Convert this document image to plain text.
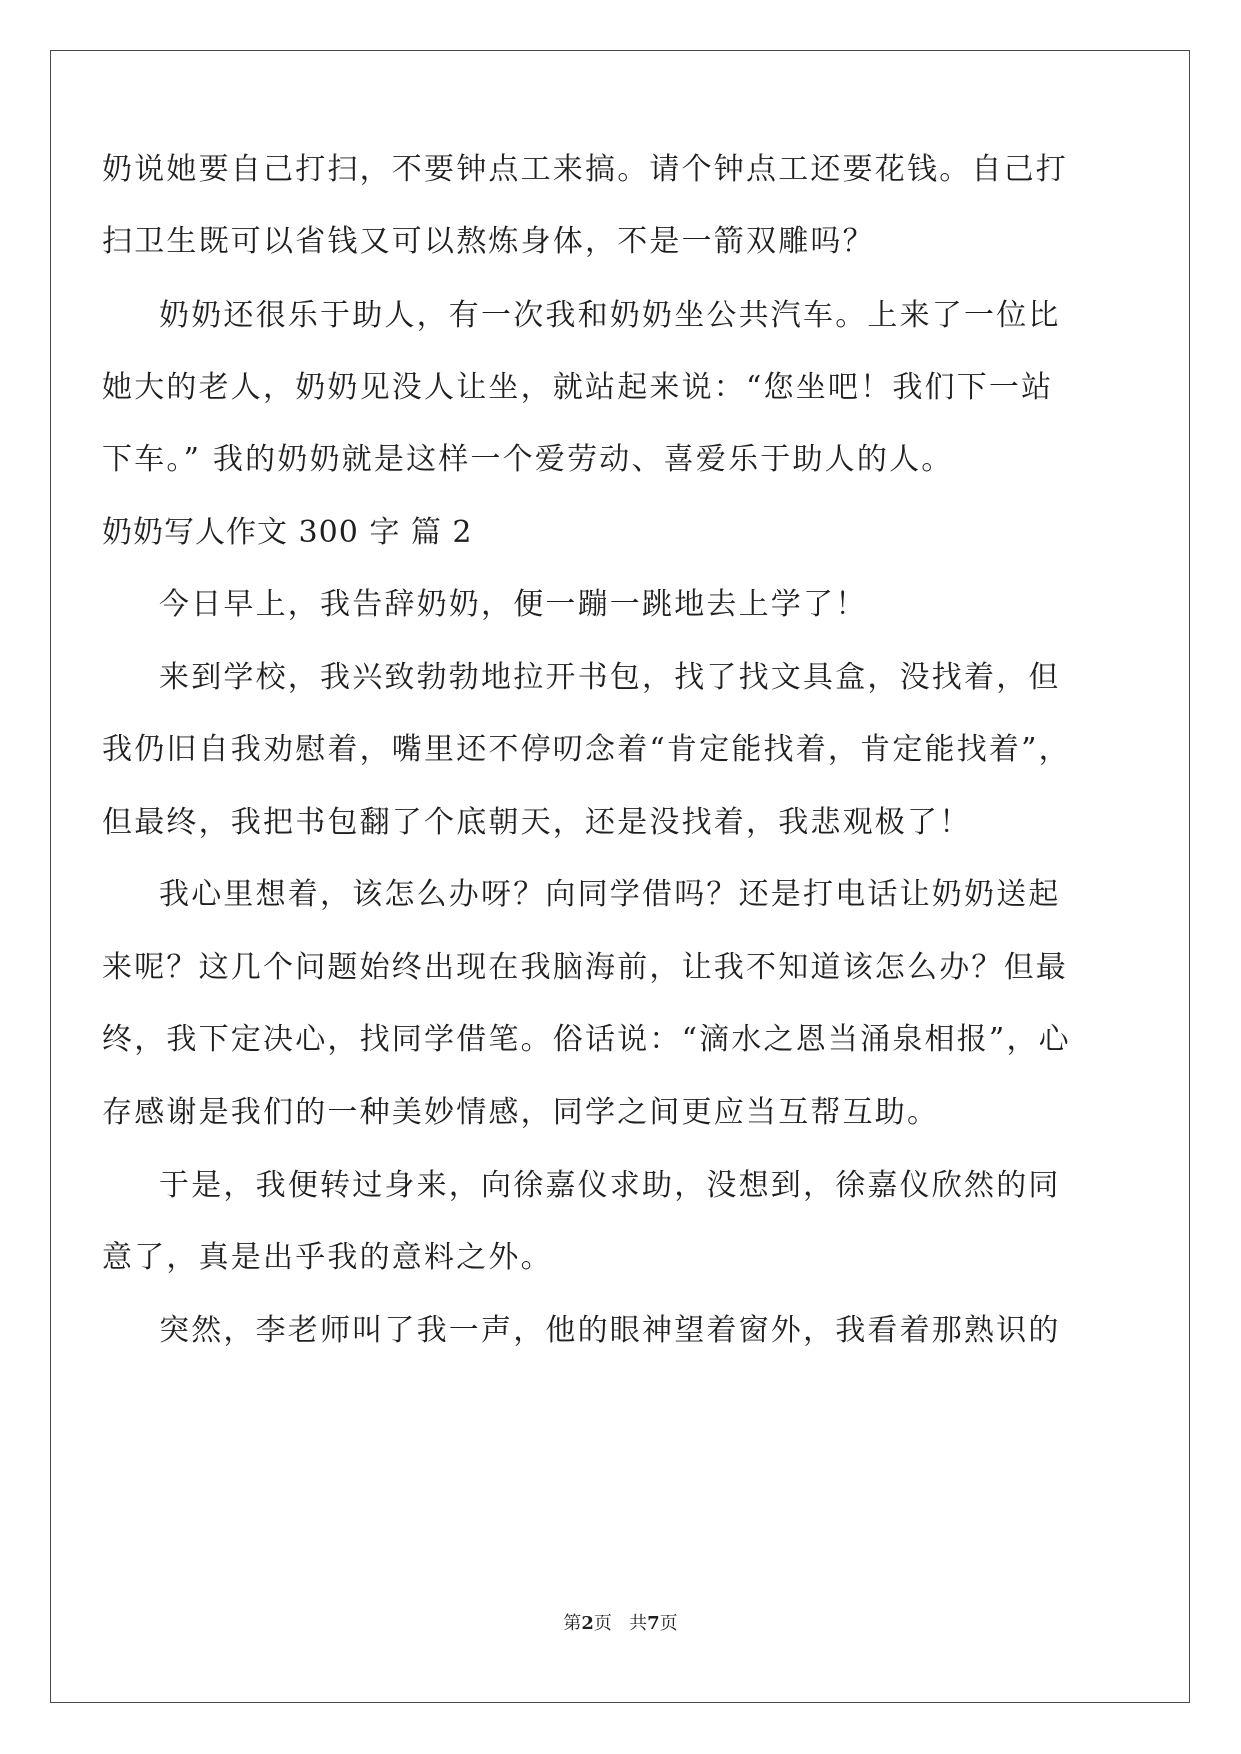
奶说她要自己打扫，不要钟点工来搞。请个钟点工还要花钱。自己打
扫卫生既可以省钱又可以熬炼身体，不是一箭双雕吗？
奶奶还很乐于助人，有一次我和奶奶坐公共汽车。上来了一位比
她大的老人，奶奶见没人让坐，就站起来说：“您坐吧！我们下一站
下车。” 我的奶奶就是这样一个爱劳动、喜爱乐于助人的人。
奶奶写人作文 300 字 篇 2
今日早上，我告辞奶奶，便一蹦一跳地去上学了！
来到学校，我兴致勃勃地拉开书包，找了找文具盒，没找着，但
我仍旧自我劝慰着，嘴里还不停叨念着“肯定能找着，肯定能找着”，
但最终，我把书包翻了个底朝天，还是没找着，我悲观极了！
我心里想着，该怎么办呀？向同学借吗？还是打电话让奶奶送起
来呢？这几个问题始终出现在我脑海前，让我不知道该怎么办？但最
终，我下定决心，找同学借笔。俗话说：“滴水之恩当涌泉相报”，心
存感谢是我们的一种美妙情感，同学之间更应当互帮互助。
于是，我便转过身来，向徐嘉仪求助，没想到，徐嘉仪欣然的同
意了，真是出乎我的意料之外。
突然，李老师叫了我一声，他的眼神望着窗外，我看着那熟识的
第2页 共7页
